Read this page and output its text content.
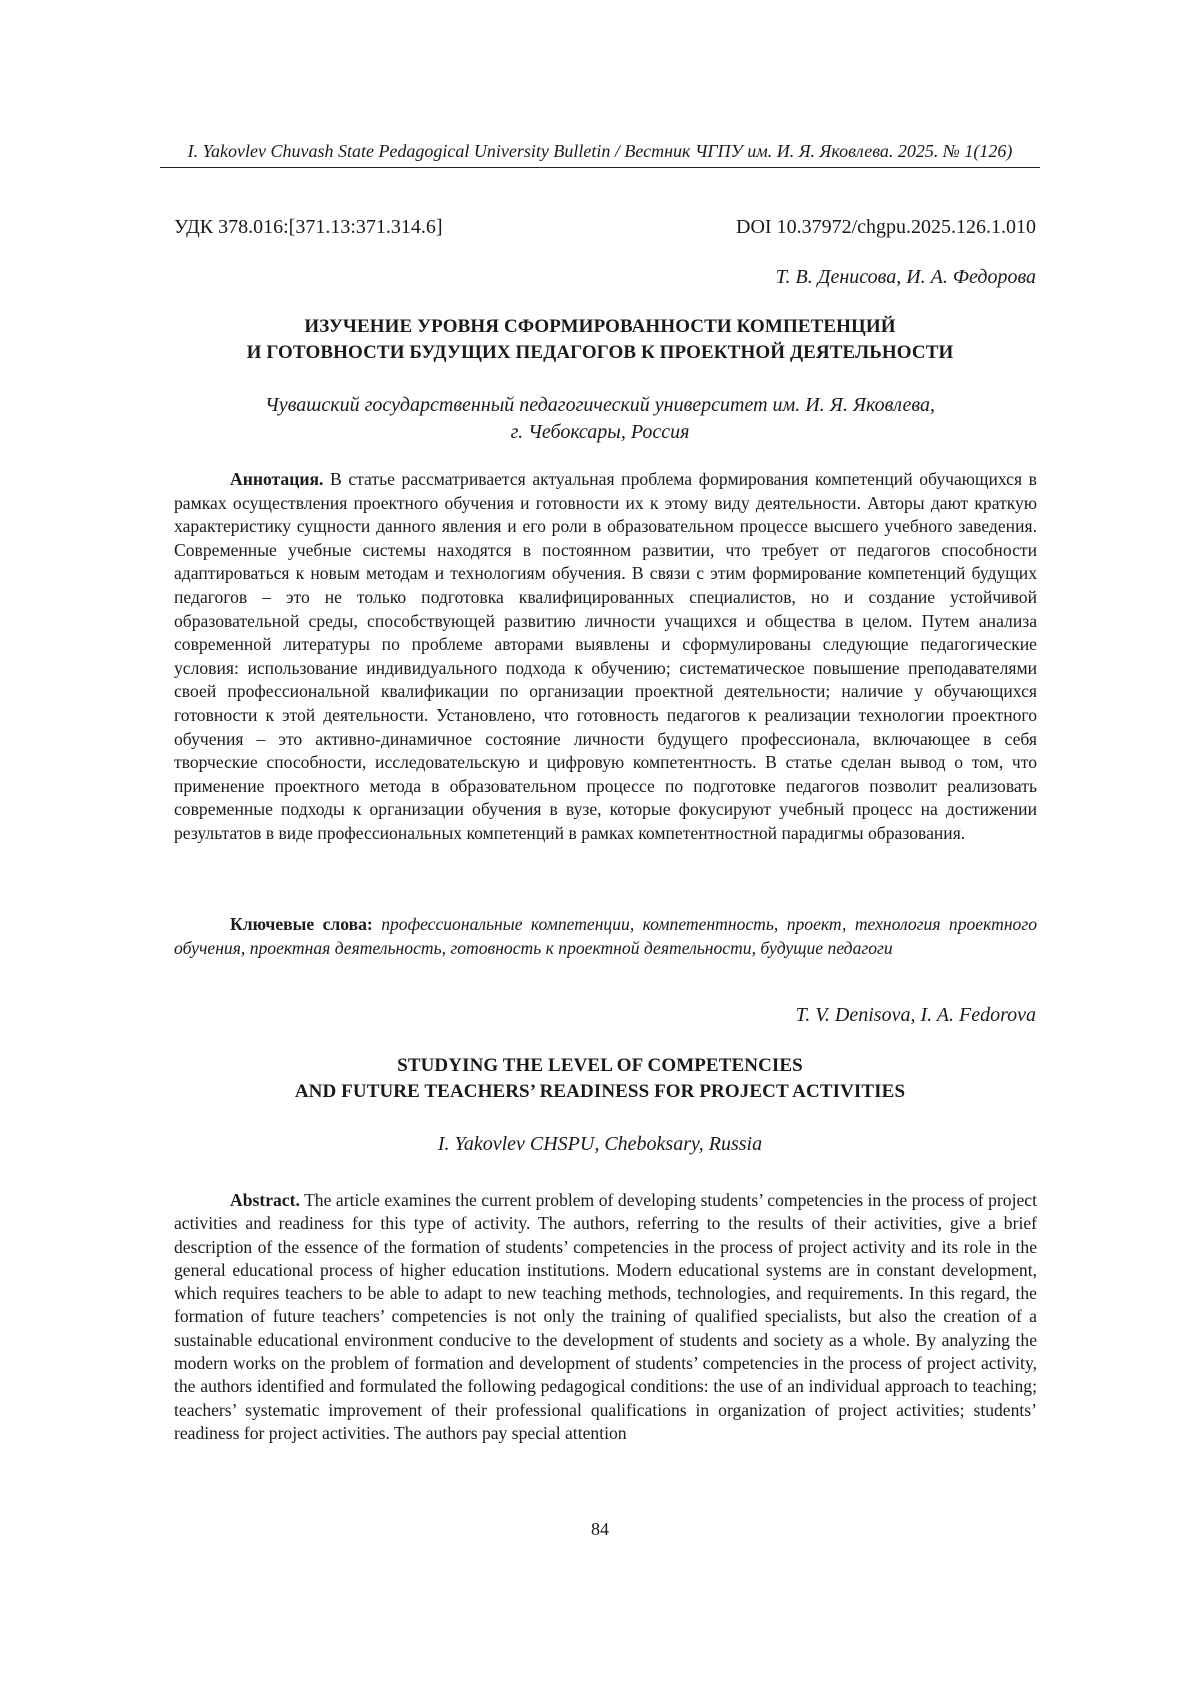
I. Yakovlev Chuvash State Pedagogical University Bulletin / Вестник ЧГПУ им. И. Я. Яковлева. 2025. № 1(126)
УДК 378.016:[371.13:371.314.6]	DOI 10.37972/chgpu.2025.126.1.010
Т. В. Денисова, И. А. Федорова
ИЗУЧЕНИЕ УРОВНЯ СФОРМИРОВАННОСТИ КОМПЕТЕНЦИЙ
И ГОТОВНОСТИ БУДУЩИХ ПЕДАГОГОВ К ПРОЕКТНОЙ ДЕЯТЕЛЬНОСТИ
Чувашский государственный педагогический университет им. И. Я. Яковлева,
г. Чебоксары, Россия
Аннотация. В статье рассматривается актуальная проблема формирования компетенций обучающихся в рамках осуществления проектного обучения и готовности их к этому виду деятельности. Авторы дают краткую характеристику сущности данного явления и его роли в образовательном процессе высшего учебного заведения. Современные учебные системы находятся в постоянном развитии, что требует от педагогов способности адаптироваться к новым методам и технологиям обучения. В связи с этим формирование компетенций будущих педагогов – это не только подготовка квалифицированных специалистов, но и создание устойчивой образовательной среды, способствующей развитию личности учащихся и общества в целом. Путем анализа современной литературы по проблеме авторами выявлены и сформулированы следующие педагогические условия: использование индивидуального подхода к обучению; систематическое повышение преподавателями своей профессиональной квалификации по организации проектной деятельности; наличие у обучающихся готовности к этой деятельности. Установлено, что готовность педагогов к реализации технологии проектного обучения – это активно-динамичное состояние личности будущего профессионала, включающее в себя творческие способности, исследовательскую и цифровую компетентность. В статье сделан вывод о том, что применение проектного метода в образовательном процессе по подготовке педагогов позволит реализовать современные подходы к организации обучения в вузе, которые фокусируют учебный процесс на достижении результатов в виде профессиональных компетенций в рамках компетентностной парадигмы образования.
Ключевые слова: профессиональные компетенции, компетентность, проект, технология проектного обучения, проектная деятельность, готовность к проектной деятельности, будущие педагоги
T. V. Denisova, I. A. Fedorova
STUDYING THE LEVEL OF COMPETENCIES
AND FUTURE TEACHERS’ READINESS FOR PROJECT ACTIVITIES
I. Yakovlev CHSPU, Cheboksary, Russia
Abstract. The article examines the current problem of developing students’ competencies in the process of project activities and readiness for this type of activity. The authors, referring to the results of their activities, give a brief description of the essence of the formation of students’ competencies in the process of project activity and its role in the general educational process of higher education institutions. Modern educational systems are in constant development, which requires teachers to be able to adapt to new teaching methods, technologies, and requirements. In this regard, the formation of future teachers’ competencies is not only the training of qualified specialists, but also the creation of a sustainable educational environment conducive to the development of students and society as a whole. By analyzing the modern works on the problem of formation and development of students’ competencies in the process of project activity, the authors identified and formulated the following pedagogical conditions: the use of an individual approach to teaching; teachers’ systematic improvement of their professional qualifications in organization of project activities; students’ readiness for project activities. The authors pay special attention
84
